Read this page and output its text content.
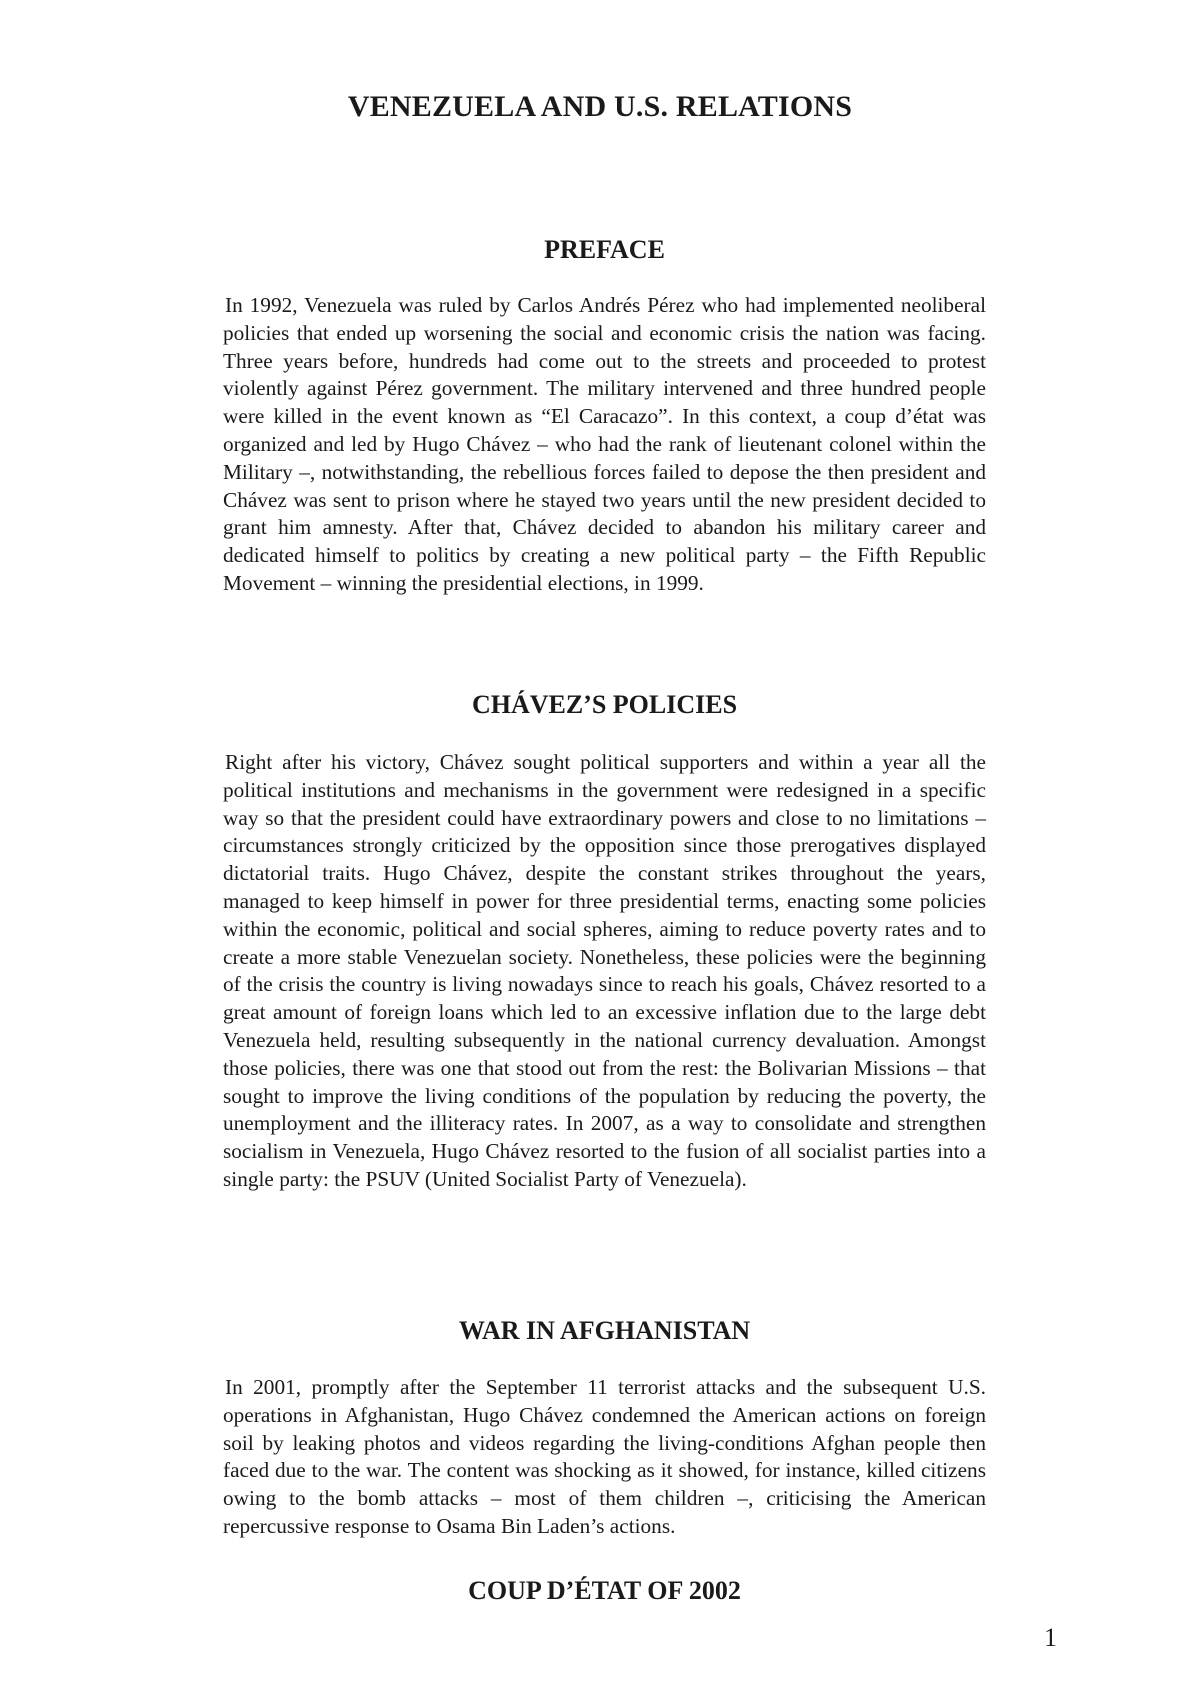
VENEZUELA AND U.S. RELATIONS
PREFACE

In 1992, Venezuela was ruled by Carlos Andrés Pérez who had implemented neoliberal policies that ended up worsening the social and economic crisis the nation was facing. Three years before, hundreds had come out to the streets and proceeded to protest violently against Pérez government. The military intervened and three hundred people were killed in the event known as “El Caracazo”. In this context, a coup d’état was organized and led by Hugo Chávez – who had the rank of lieutenant colonel within the Military –, notwithstanding, the rebellious forces failed to depose the then president and Chávez was sent to prison where he stayed two years until the new president decided to grant him amnesty. After that, Chávez decided to abandon his military career and dedicated himself to politics by creating a new political party – the Fifth Republic Movement – winning the presidential elections, in 1999.

CHÁVEZ’S POLICIES

Right after his victory, Chávez sought political supporters and within a year all the political institutions and mechanisms in the government were redesigned in a specific way so that the president could have extraordinary powers and close to no limitations – circumstances strongly criticized by the opposition since those prerogatives displayed dictatorial traits. Hugo Chávez, despite the constant strikes throughout the years, managed to keep himself in power for three presidential terms, enacting some policies within the economic, political and social spheres, aiming to reduce poverty rates and to create a more stable Venezuelan society. Nonetheless, these policies were the beginning of the crisis the country is living nowadays since to reach his goals, Chávez resorted to a great amount of foreign loans which led to an excessive inflation due to the large debt Venezuela held, resulting subsequently in the national currency devaluation. Amongst those policies, there was one that stood out from the rest: the Bolivarian Missions – that sought to improve the living conditions of the population by reducing the poverty, the unemployment and the illiteracy rates. In 2007, as a way to consolidate and strengthen socialism in Venezuela, Hugo Chávez resorted to the fusion of all socialist parties into a single party: the PSUV (United Socialist Party of Venezuela).

WAR IN AFGHANISTAN

In 2001, promptly after the September 11 terrorist attacks and the subsequent U.S. operations in Afghanistan, Hugo Chávez condemned the American actions on foreign soil by leaking photos and videos regarding the living-conditions Afghan people then faced due to the war. The content was shocking as it showed, for instance, killed citizens owing to the bomb attacks – most of them children –, criticising the American repercussive response to Osama Bin Laden’s actions.

COUP D’ÉTAT OF 2002

1
